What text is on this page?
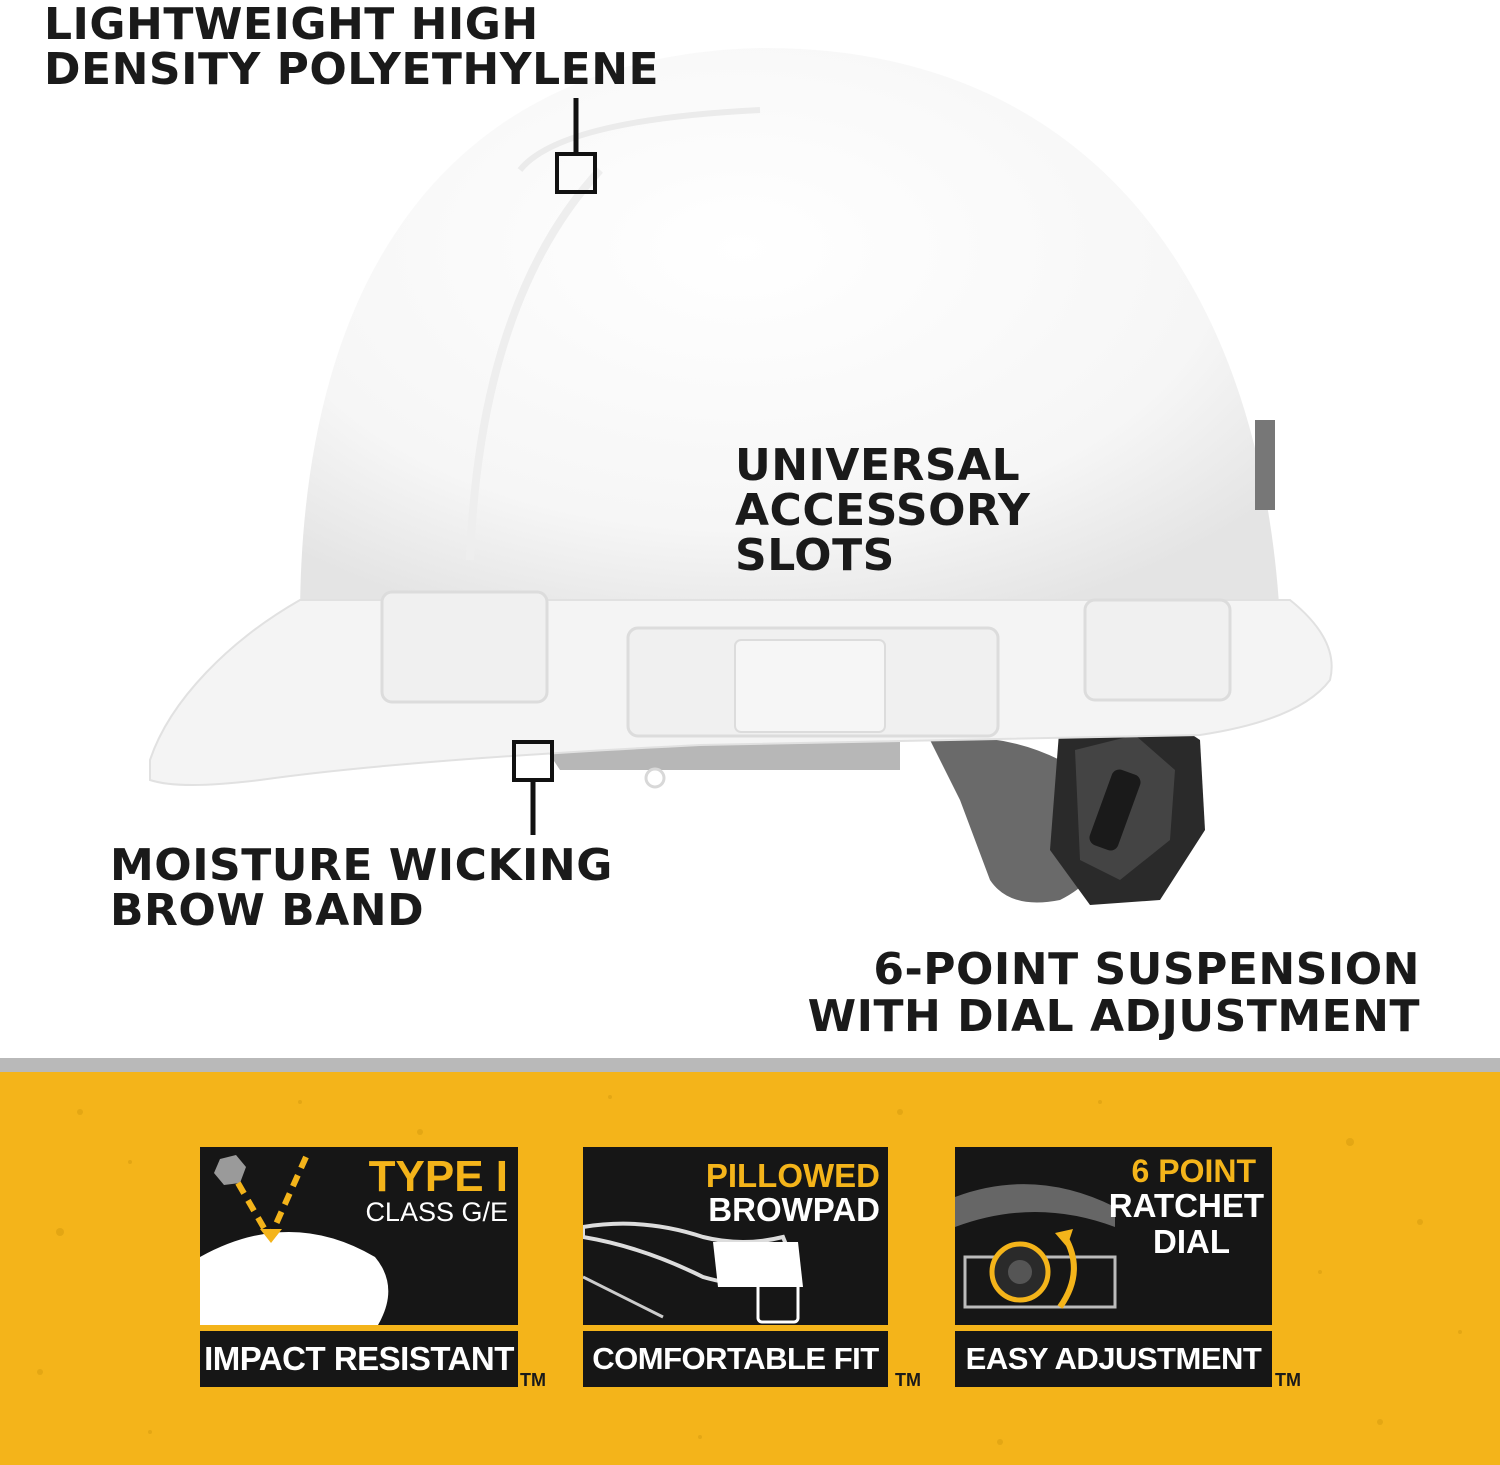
LIGHTWEIGHT HIGH
DENSITY POLYETHYLENE

UNIVERSAL
ACCESSORY
SLOTS

MOISTURE WICKING
BROW BAND

6-POINT SUSPENSION
WITH DIAL ADJUSTMENT

TYPE I

CLASS G/E

IMPACT RESISTANT
TM

PILLOWED

BROWPAD

COMFORTABLE FIT
TM

6 POINT

RATCHET

DIAL

EASY ADJUSTMENT
TM
